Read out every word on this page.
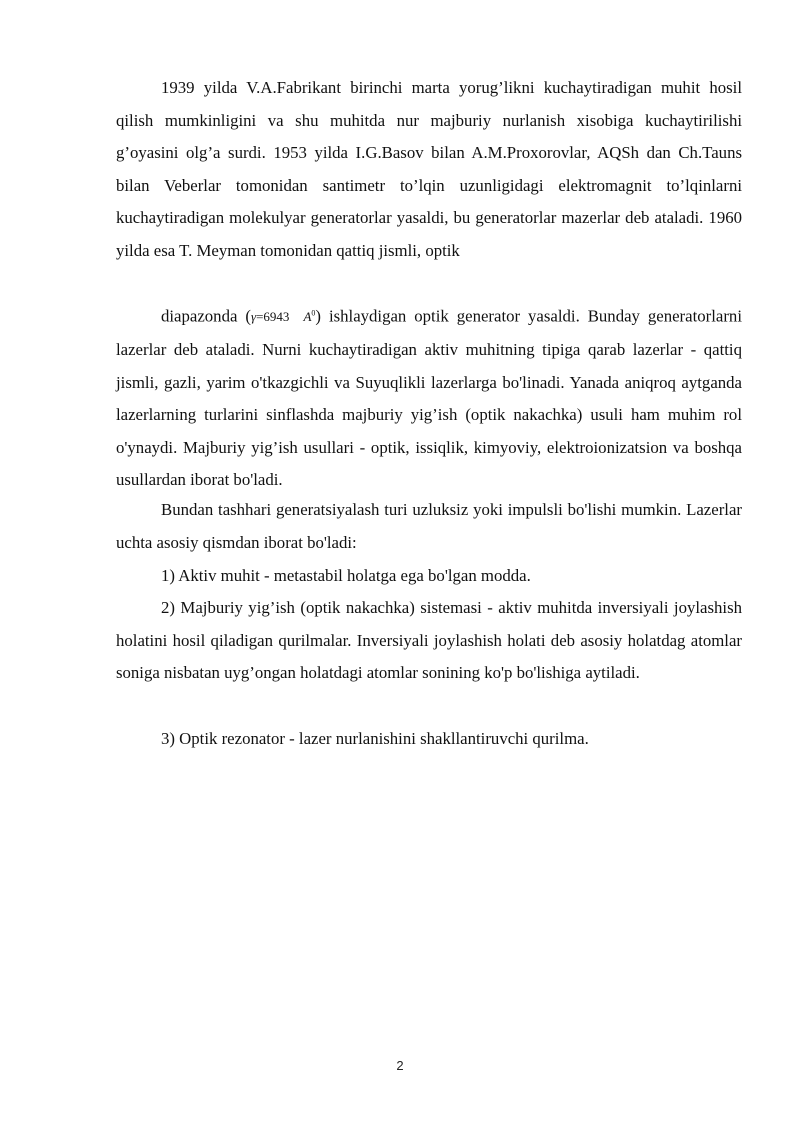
1939 yilda V.A.Fabrikant birinchi marta yorug’likni kuchaytiradigan muhit hosil qilish mumkinligini va shu muhitda nur majburiy nurlanish xisobiga kuchaytirilishi g’oyasini olg’a surdi. 1953 yilda I.G.Basov bilan A.M.Proxorovlar, AQSh dan Ch.Tauns bilan Veberlar tomonidan santimetr to’lqin uzunligidagi elektromagnit to’lqinlarni kuchaytiradigan molekulyar generatorlar yasaldi, bu generatorlar mazerlar deb ataladi. 1960 yilda esa T. Meyman tomonidan qattiq jismli, optik

diapazonda (γ=6943 $A^0$) ishlaydigan optik generator yasaldi. Bunday generatorlarni lazerlar deb ataladi. Nurni kuchaytiradigan aktiv muhitning tipiga qarab lazerlar - qattiq jismli, gazli, yarim o'tkazgichli va Suyuqlikli lazerlarga bo'linadi. Yanada aniqroq aytganda lazerlarning turlarini sinflashda majburiy yig’ish (optik nakachka) usuli ham muhim rol o'ynaydi. Majburiy yig’ish usullari - optik, issiqlik, kimyoviy, elektroionizatsion va boshqa usullardan iborat bo'ladi.

Bundan tashhari generatsiyalash turi uzluksiz yoki impulsli bo'lishi mumkin. Lazerlar uchta asosiy qismdan iborat bo'ladi:

1) Aktiv muhit - metastabil holatga ega bo'lgan modda.

2) Majburiy yig’ish (optik nakachka) sistemasi - aktiv muhitda inversiyali joylashish holatini hosil qiladigan qurilmalar. Inversiyali joylashish holati deb asosiy holatdag atomlar soniga nisbatan uyg’ongan holatdagi atomlar sonining ko'p bo'lishiga aytiladi.

3) Optik rezonator - lazer nurlanishini shakllantiruvchi qurilma.

2
